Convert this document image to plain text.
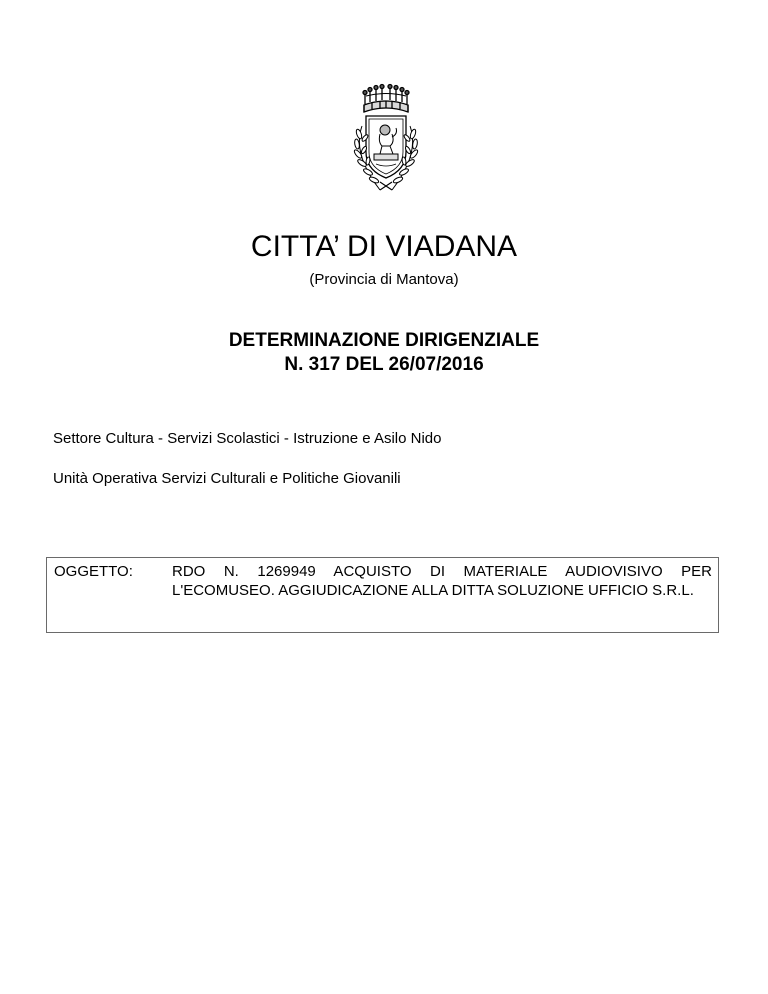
CITTA’ DI VIADANA
(Provincia di Mantova)
DETERMINAZIONE DIRIGENZIALE
N. 317 DEL 26/07/2016
Settore Cultura - Servizi Scolastici - Istruzione e Asilo Nido
Unità Operativa Servizi Culturali e Politiche Giovanili
OGGETTO:	RDO N. 1269949 ACQUISTO DI MATERIALE AUDIOVISIVO PER L'ECOMUSEO. AGGIUDICAZIONE ALLA DITTA SOLUZIONE UFFICIO S.R.L.
